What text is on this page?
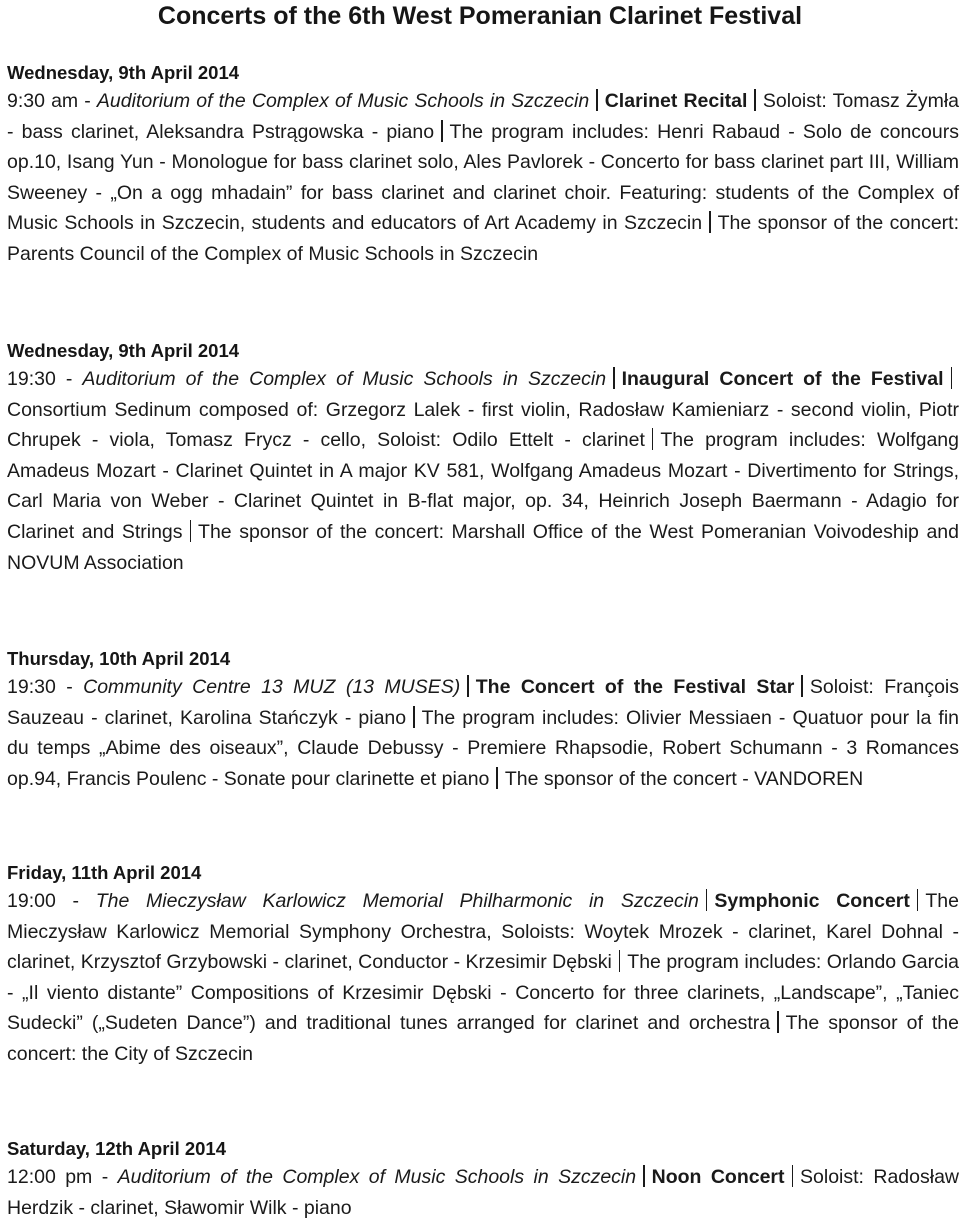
Concerts of the 6th West Pomeranian Clarinet Festival

Wednesday, 9th April 2014

9:30 am - Auditorium of the Complex of Music Schools in Szczecin Clarinet Recital Soloist: Tomasz Żymła - bass clarinet, Aleksandra Pstrągowska - piano The program includes: Henri Rabaud - Solo de concours op.10, Isang Yun - Monologue for bass clarinet solo, Ales Pavlorek - Concerto for bass clarinet part III, William Sweeney - „On a ogg mhadain” for bass clarinet and clarinet choir. Featuring: students of the Complex of Music Schools in Szczecin, students and educators of Art Academy in Szczecin The sponsor of the concert: Parents Council of the Complex of Music Schools in Szczecin

Wednesday, 9th April 2014

19:30 - Auditorium of the Complex of Music Schools in Szczecin Inaugural Concert of the FestivalConsortium Sedinum composed of: Grzegorz Lalek - first violin, Radosław Kamieniarz - second violin, Piotr Chrupek - viola, Tomasz Frycz - cello, Soloist: Odilo Ettelt - clarinet The program includes: Wolfgang Amadeus Mozart - Clarinet Quintet in A major KV 581, Wolfgang Amadeus Mozart - Divertimento for Strings, Carl Maria von Weber - Clarinet Quintet in B-flat major, op. 34, Heinrich Joseph Baermann - Adagio for Clarinet and Strings The sponsor of the concert: Marshall Office of the West Pomeranian Voivodeship and NOVUM Association

Thursday, 10th April 2014

19:30 - Community Centre 13 MUZ (13 MUSES) The Concert of the Festival Star Soloist: François Sauzeau - clarinet, Karolina Stańczyk - piano The program includes: Olivier Messiaen - Quatuor pour la fin du temps „Abime des oiseaux”, Claude Debussy - Premiere Rhapsodie, Robert Schumann - 3 Romances op.94, Francis Poulenc - Sonate pour clarinette et piano The sponsor of the concert - VANDOREN

Friday, 11th April 2014

19:00 - The Mieczysław Karlowicz Memorial Philharmonic in Szczecin Symphonic Concert The Mieczysław Karlowicz Memorial Symphony Orchestra, Soloists: Woytek Mrozek - clarinet, Karel Dohnal - clarinet, Krzysztof Grzybowski - clarinet, Conductor - Krzesimir Dębski The program includes: Orlando Garcia - „Il viento distante” Compositions of Krzesimir Dębski - Concerto for three clarinets, „Landscape”, „Taniec Sudecki” („Sudeten Dance”) and traditional tunes arranged for clarinet and orchestra The sponsor of the concert: the City of Szczecin

Saturday, 12th April 2014

12:00 pm - Auditorium of the Complex of Music Schools in Szczecin Noon Concert Soloist: Radosław Herdzik - clarinet, Sławomir Wilk - piano
